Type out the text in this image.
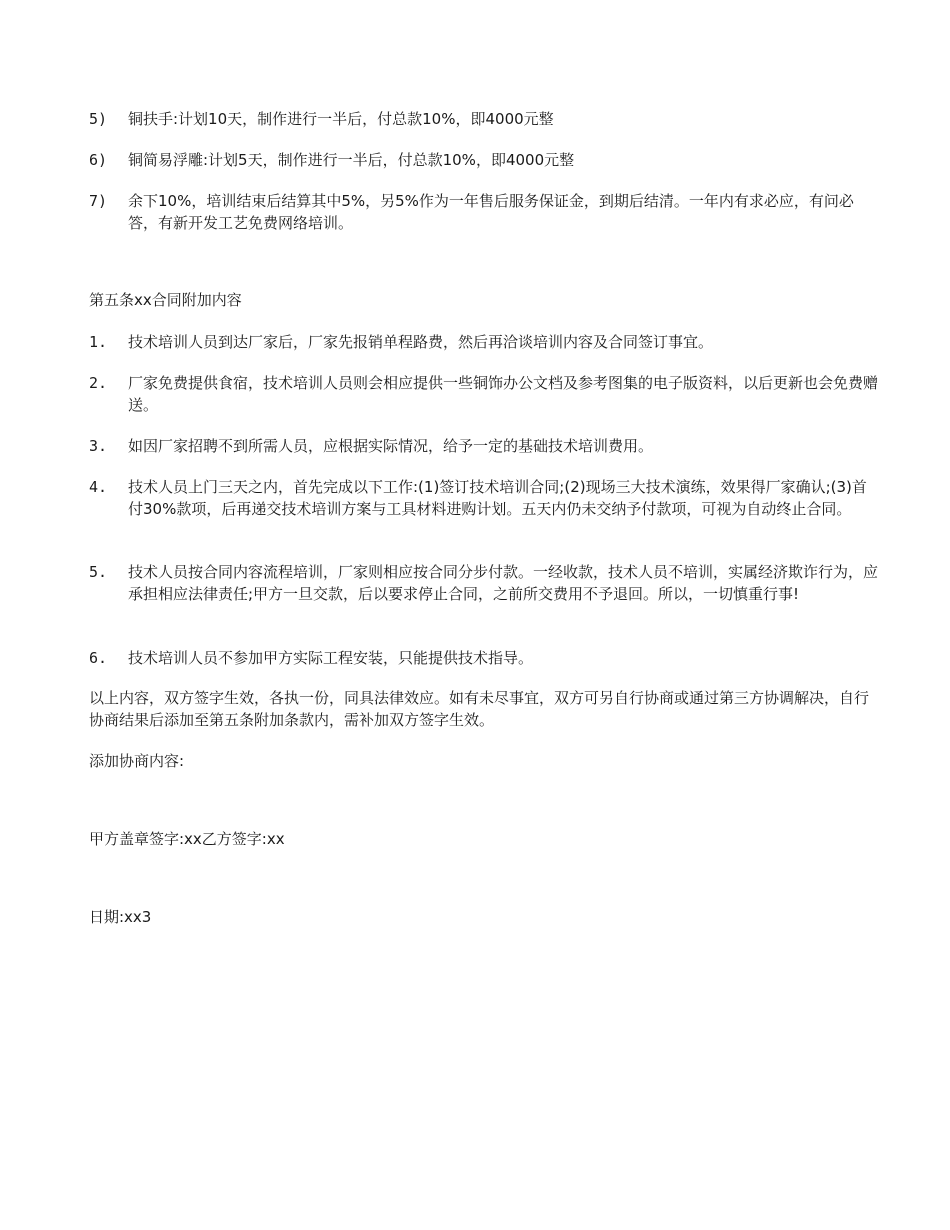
5)	铜扶手:计划10天，制作进行一半后，付总款10%，即4000元整
6)	铜简易浮雕:计划5天，制作进行一半后，付总款10%，即4000元整
7)	余下10%，培训结束后结算其中5%，另5%作为一年售后服务保证金，到期后结清。一年内有求必应，有问必答，有新开发工艺免费网络培训。
第五条xx合同附加内容
1.	技术培训人员到达厂家后，厂家先报销单程路费，然后再洽谈培训内容及合同签订事宜。
2.	厂家免费提供食宿，技术培训人员则会相应提供一些铜饰办公文档及参考图集的电子版资料，以后更新也会免费赠送。
3.	如因厂家招聘不到所需人员，应根据实际情况，给予一定的基础技术培训费用。
4.	技术人员上门三天之内，首先完成以下工作:(1)签订技术培训合同;(2)现场三大技术演练，效果得厂家确认;(3)首付30%款项，后再递交技术培训方案与工具材料进购计划。五天内仍未交纳予付款项，可视为自动终止合同。
5.	技术人员按合同内容流程培训，厂家则相应按合同分步付款。一经收款，技术人员不培训，实属经济欺诈行为，应承担相应法律责任;甲方一旦交款，后以要求停止合同，之前所交费用不予退回。所以，一切慎重行事!
6.	技术培训人员不参加甲方实际工程安装，只能提供技术指导。
以上内容，双方签字生效，各执一份，同具法律效应。如有未尽事宜，双方可另自行协商或通过第三方协调解决，自行协商结果后添加至第五条附加条款内，需补加双方签字生效。
添加协商内容:
甲方盖章签字:xx乙方签字:xx
日期:xx3
